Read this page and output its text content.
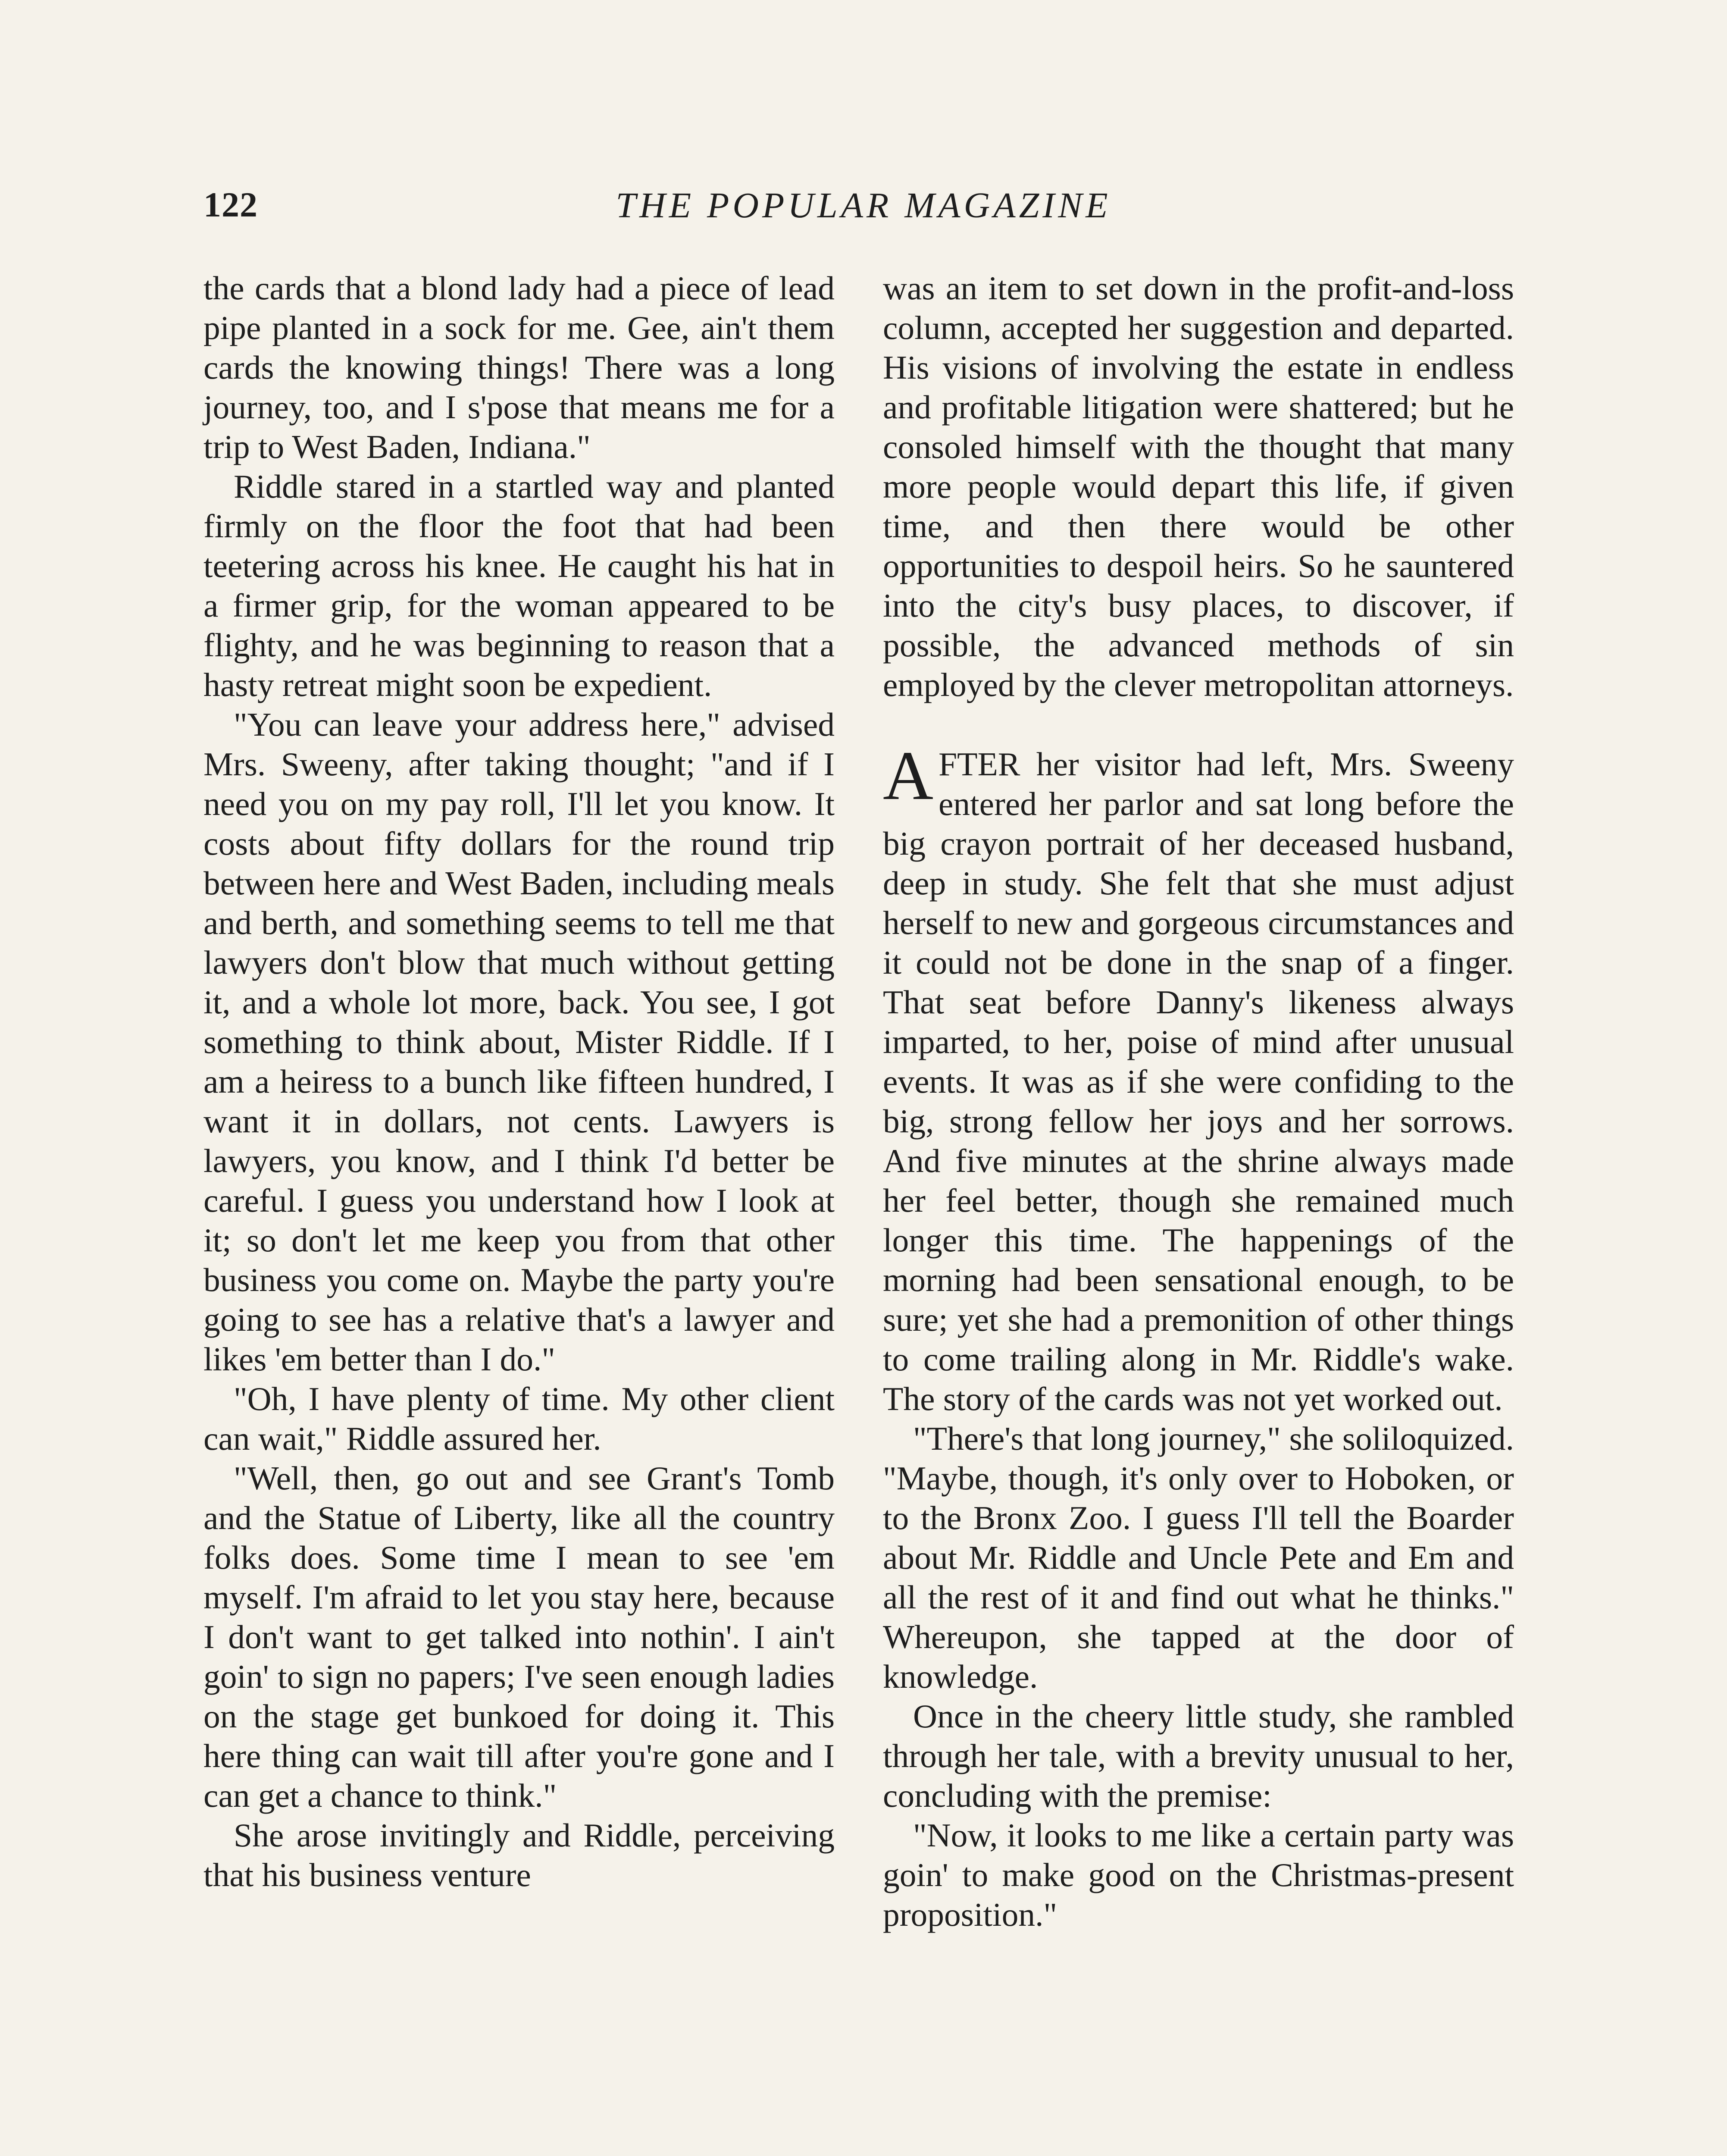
122	THE POPULAR MAGAZINE

the cards that a blond lady had a piece of lead pipe planted in a sock for me. Gee, ain't them cards the knowing things! There was a long journey, too, and I s'pose that means me for a trip to West Baden, Indiana."

Riddle stared in a startled way and planted firmly on the floor the foot that had been teetering across his knee. He caught his hat in a firmer grip, for the woman appeared to be flighty, and he was beginning to reason that a hasty retreat might soon be expedient.

"You can leave your address here," advised Mrs. Sweeny, after taking thought; "and if I need you on my pay roll, I'll let you know. It costs about fifty dollars for the round trip between here and West Baden, including meals and berth, and something seems to tell me that lawyers don't blow that much without getting it, and a whole lot more, back. You see, I got something to think about, Mister Riddle. If I am a heiress to a bunch like fifteen hundred, I want it in dollars, not cents. Lawyers is lawyers, you know, and I think I'd better be careful. I guess you understand how I look at it; so don't let me keep you from that other business you come on. Maybe the party you're going to see has a relative that's a lawyer and likes 'em better than I do."

"Oh, I have plenty of time. My other client can wait," Riddle assured her.

"Well, then, go out and see Grant's Tomb and the Statue of Liberty, like all the country folks does. Some time I mean to see 'em myself. I'm afraid to let you stay here, because I don't want to get talked into nothin'. I ain't goin' to sign no papers; I've seen enough ladies on the stage get bunkoed for doing it. This here thing can wait till after you're gone and I can get a chance to think."

She arose invitingly and Riddle, perceiving that his business venture

was an item to set down in the profit-and-loss column, accepted her suggestion and departed. His visions of involving the estate in endless and profitable litigation were shattered; but he consoled himself with the thought that many more people would depart this life, if given time, and then there would be other opportunities to despoil heirs. So he sauntered into the city's busy places, to discover, if possible, the advanced methods of sin employed by the clever metropolitan attorneys.

AFTER her visitor had left, Mrs. Sweeny entered her parlor and sat long before the big crayon portrait of her deceased husband, deep in study. She felt that she must adjust herself to new and gorgeous circumstances and it could not be done in the snap of a finger. That seat before Danny's likeness always imparted, to her, poise of mind after unusual events. It was as if she were confiding to the big, strong fellow her joys and her sorrows. And five minutes at the shrine always made her feel better, though she remained much longer this time. The happenings of the morning had been sensational enough, to be sure; yet she had a premonition of other things to come trailing along in Mr. Riddle's wake. The story of the cards was not yet worked out.

"There's that long journey," she soliloquized. "Maybe, though, it's only over to Hoboken, or to the Bronx Zoo. I guess I'll tell the Boarder about Mr. Riddle and Uncle Pete and Em and all the rest of it and find out what he thinks." Whereupon, she tapped at the door of knowledge.

Once in the cheery little study, she rambled through her tale, with a brevity unusual to her, concluding with the premise:

"Now, it looks to me like a certain party was goin' to make good on the Christmas-present proposition."
